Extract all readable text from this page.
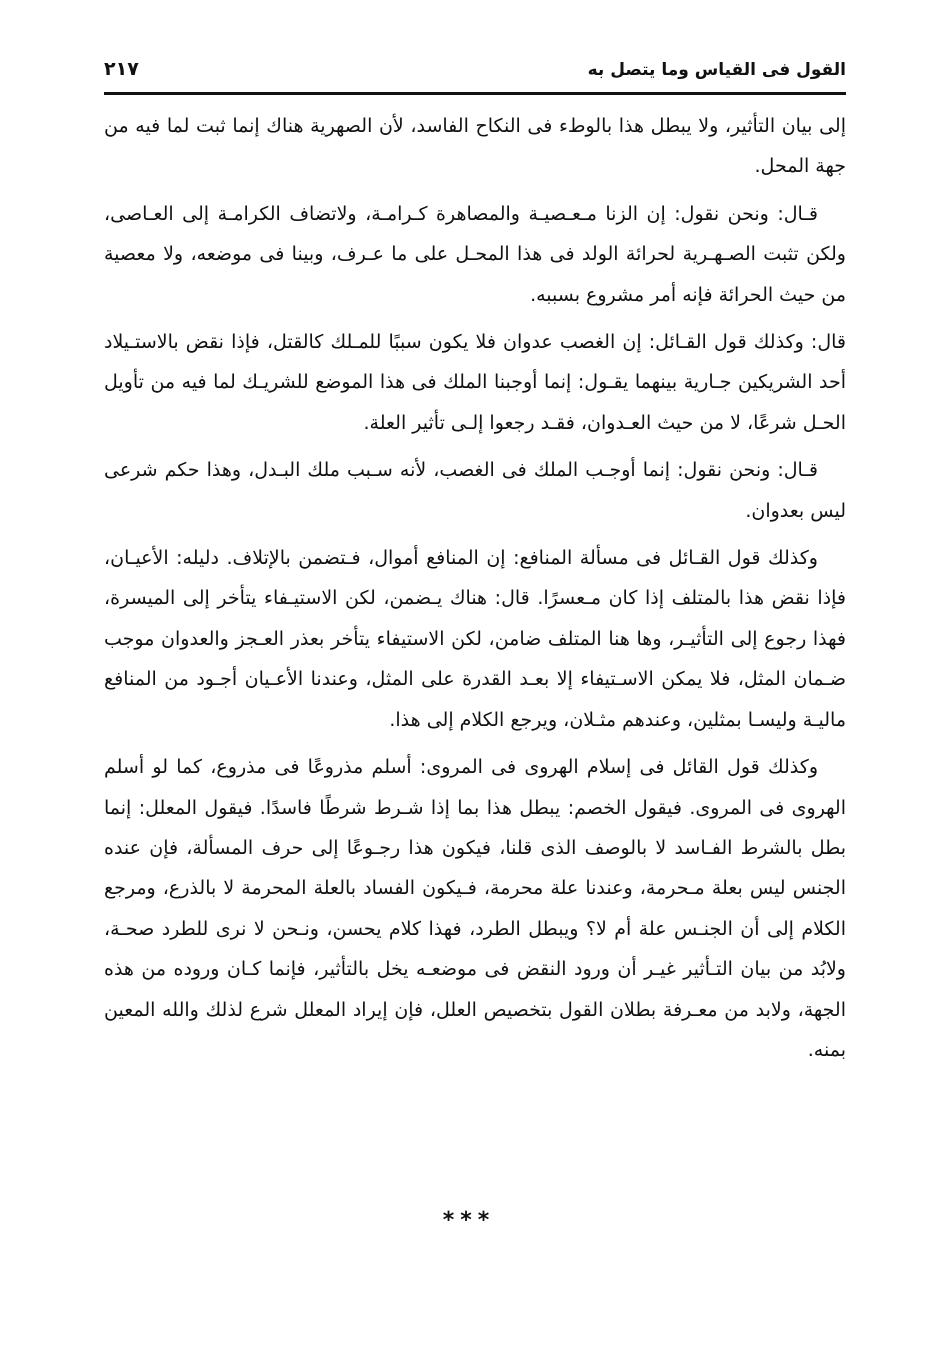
القول فى القياس وما يتصل به
٢١٧

إلى بيان التأثير، ولا يبطل هذا بالوطء فى النكاح الفاسد، لأن الصهرية هناك إنما ثبت لما فيه من جهة المحل.

قـال: ونحن نقول: إن الزنا مـعـصيـة والمصاهرة كـرامـة، ولاتضاف الكرامـة إلى العـاصى، ولكن تثبت الصـهـرية لحرائة الولد فى هذا المحـل على ما عـرف، وبينا فى موضعه، ولا معصية من حيث الحرائة فإنه أمر مشروع بسببه.

قال: وكذلك قول القـائل: إن الغصب عدوان فلا يكون سببًا للمـلك كالقتل، فإذا نقض بالاستـيلاد أحد الشريكين جـارية بينهما يقـول: إنما أوجبنا الملك فى هذا الموضع للشريـك لما فيه من تأويل الحـل شرعًا، لا من حيث العـدوان، فقـد رجعوا إلـى تأثير العلة.

قـال: ونحن نقول: إنما أوجـب الملك فى الغصب، لأنه سـبب ملك البـدل، وهذا حكم شرعى ليس بعدوان.

وكذلك قول القـائل فى مسألة المنافع: إن المنافع أموال، فـتضمن بالإتلاف. دليله: الأعيـان، فإذا نقض هذا بالمتلف إذا كان مـعسرًا. قال: هناك يـضمن، لكن الاستيـفاء يتأخر إلى الميسرة، فهذا رجوع إلى التأثيـر، وها هنا المتلف ضامن، لكن الاستيفاء يتأخر بعذر العـجز والعدوان موجب ضـمان المثل، فلا يمكن الاسـتيفاء إلا بعـد القدرة على المثل، وعندنا الأعـيان أجـود من المنافع ماليـة وليسـا بمثلين، وعندهم مثـلان، ويرجع الكلام إلى هذا.

وكذلك قول القائل فى إسلام الهروى فى المروى: أسلم مذروعًا فى مذروع، كما لو أسلم الهروى فى المروى. فيقول الخصم: يبطل هذا بما إذا شـرط شرطًا فاسدًا. فيقول المعلل: إنما بطل بالشرط الفـاسد لا بالوصف الذى قلنا، فيكون هذا رجـوعًا إلى حرف المسألة، فإن عنده الجنس ليس بعلة مـحرمة، وعندنا علة محرمة، فـيكون الفساد بالعلة المحرمة لا بالذرع، ومرجع الكلام إلى أن الجنـس علة أم لا؟ ويبطل الطرد، فهذا كلام يحسن، ونـحن لا نرى للطرد صحـة، ولابُد من بيان التـأثير غيـر أن ورود النقض فى موضعـه يخل بالتأثير، فإنما كـان وروده من هذه الجهة، ولابد من معـرفة بطلان القول بتخصيص العلل، فإن إيراد المعلل شرع لذلك والله المعين بمنه.

***
